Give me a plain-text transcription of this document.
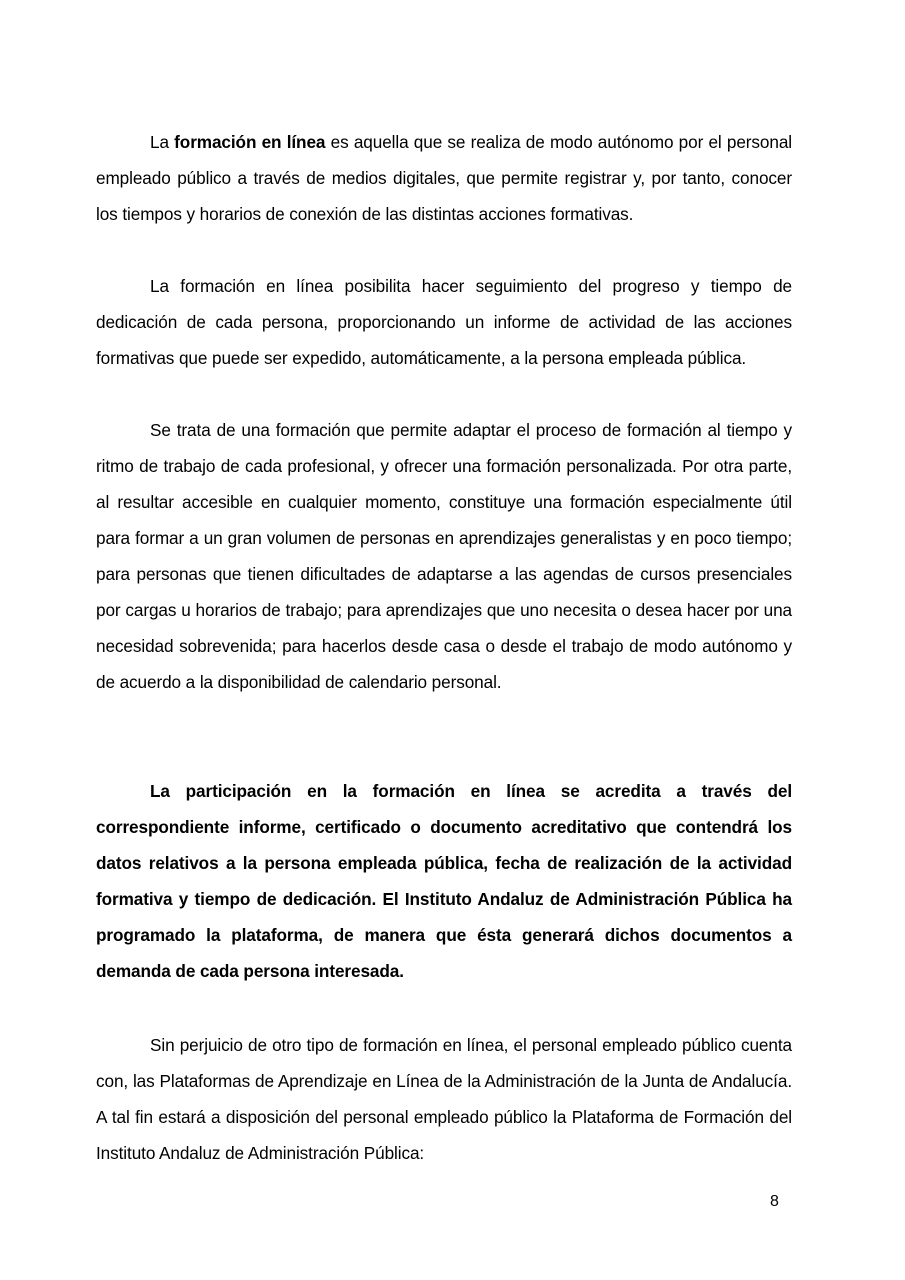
La formación en línea es aquella que se realiza de modo autónomo por el personal empleado público a través de medios digitales, que permite registrar y, por tanto, conocer los tiempos y horarios de conexión de las distintas acciones formativas.

La formación en línea posibilita hacer seguimiento del progreso y tiempo de dedicación de cada persona, proporcionando un informe de actividad de las acciones formativas que puede ser expedido, automáticamente, a la persona empleada pública.

Se trata de una formación que permite adaptar el proceso de formación al tiempo y ritmo de trabajo de cada profesional, y ofrecer una formación personalizada. Por otra parte, al resultar accesible en cualquier momento, constituye una formación especialmente útil para formar a un gran volumen de personas en aprendizajes generalistas y en poco tiempo; para personas que tienen dificultades de adaptarse a las agendas de cursos presenciales por cargas u horarios de trabajo; para aprendizajes que uno necesita o desea hacer por una necesidad sobrevenida; para hacerlos desde casa o desde el trabajo de modo autónomo y de acuerdo a la disponibilidad de calendario personal.

La participación en la formación en línea se acredita a través del correspondiente informe, certificado o documento acreditativo que contendrá los datos relativos a la persona empleada pública, fecha de realización de la actividad formativa y tiempo de dedicación. El Instituto Andaluz de Administración Pública ha programado la plataforma, de manera que ésta generará dichos documentos a demanda de cada persona interesada.

Sin perjuicio de otro tipo de formación en línea, el personal empleado público cuenta con, las Plataformas de Aprendizaje en Línea de la Administración de la Junta de Andalucía. A tal fin estará a disposición del personal empleado público la Plataforma de Formación del Instituto Andaluz de Administración Pública:

8
